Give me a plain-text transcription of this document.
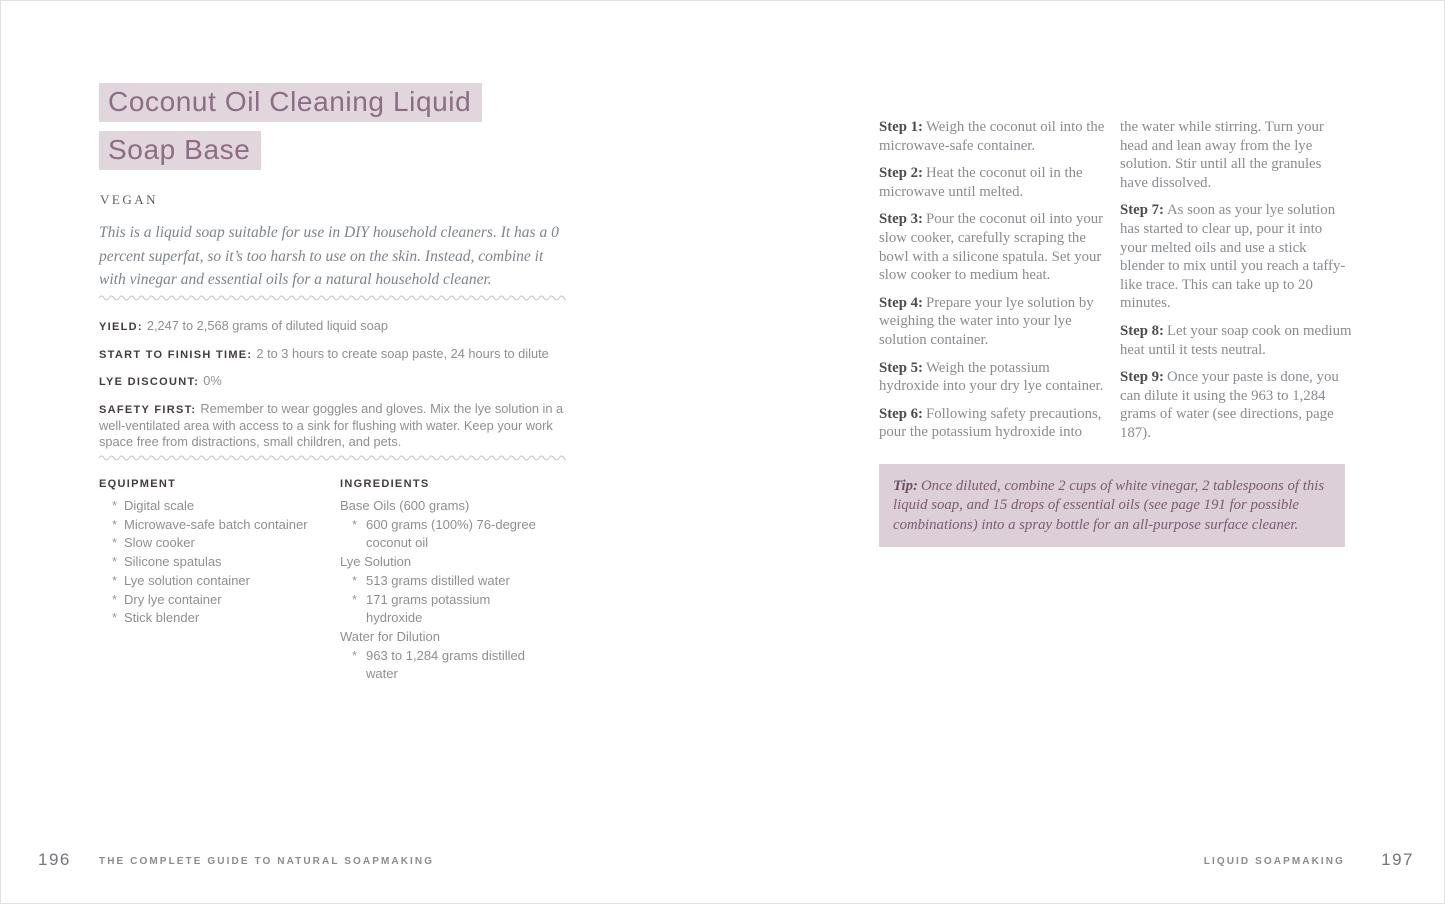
Coconut Oil Cleaning Liquid
Soap Base
VEGAN
This is a liquid soap suitable for use in DIY household cleaners. It has a 0 percent superfat, so it’s too harsh to use on the skin. Instead, combine it with vinegar and essential oils for a natural household cleaner.

YIELD: 2,247 to 2,568 grams of diluted liquid soap

START TO FINISH TIME: 2 to 3 hours to create soap paste, 24 hours to dilute

LYE DISCOUNT: 0%

SAFETY FIRST: Remember to wear goggles and gloves. Mix the lye solution in a well-ventilated area with access to a sink for flushing with water. Keep your work space free from distractions, small children, and pets.

EQUIPMENT
* Digital scale
* Microwave-safe batch container
* Slow cooker
* Silicone spatulas
* Lye solution container
* Dry lye container
* Stick blender
INGREDIENTS
Base Oils (600 grams)
* 600 grams (100%) 76-degree coconut oil
Lye Solution
* 513 grams distilled water
* 171 grams potassium hydroxide
Water for Dilution
* 963 to 1,284 grams distilled water
196	THE COMPLETE GUIDE TO NATURAL SOAPMAKING

Step 1: Weigh the coconut oil into the microwave-safe container.

Step 2: Heat the coconut oil in the microwave until melted.

Step 3: Pour the coconut oil into your slow cooker, carefully scraping the bowl with a silicone spatula. Set your slow cooker to medium heat.

Step 4: Prepare your lye solution by weighing the water into your lye solution container.

Step 5: Weigh the potassium hydroxide into your dry lye container.

Step 6: Following safety precautions, pour the potassium hydroxide into

the water while stirring. Turn your head and lean away from the lye solution. Stir until all the granules have dissolved.

Step 7: As soon as your lye solution has started to clear up, pour it into your melted oils and use a stick blender to mix until you reach a taffy-like trace. This can take up to 20 minutes.

Step 8: Let your soap cook on medium heat until it tests neutral.

Step 9: Once your paste is done, you can dilute it using the 963 to 1,284 grams of water (see directions, page 187).

Tip: Once diluted, combine 2 cups of white vinegar, 2 tablespoons of this liquid soap, and 15 drops of essential oils (see page 191 for possible combinations) into a spray bottle for an all-purpose surface cleaner.
LIQUID SOAPMAKING 197
